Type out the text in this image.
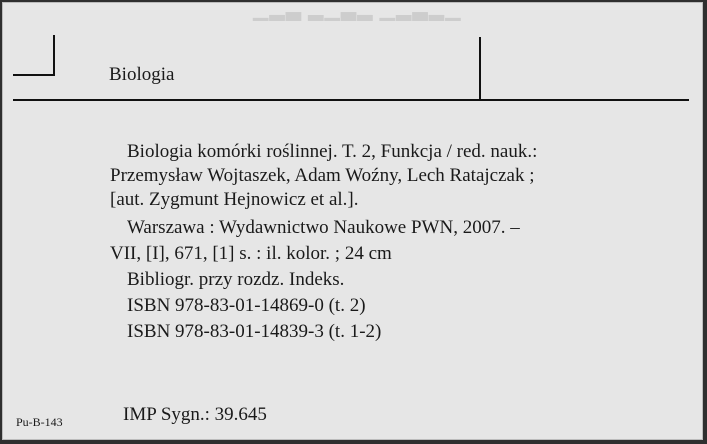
▁▂▃ ▂▁▃▂ ▁▂▃▂▁
Biologia
Biologia komórki roślinnej. T. 2, Funkcja / red. nauk.:
Przemysław Wojtaszek, Adam Woźny, Lech Ratajczak ;
[aut. Zygmunt Hejnowicz et al.].
Warszawa : Wydawnictwo Naukowe PWN, 2007. –
VII, [I], 671, [1] s. : il. kolor. ; 24 cm
Bibliogr. przy rozdz. Indeks.
ISBN 978-83-01-14869-0 (t. 2)
ISBN 978-83-01-14839-3 (t. 1-2)
Pu-B-143	IMP Sygn.: 39.645
